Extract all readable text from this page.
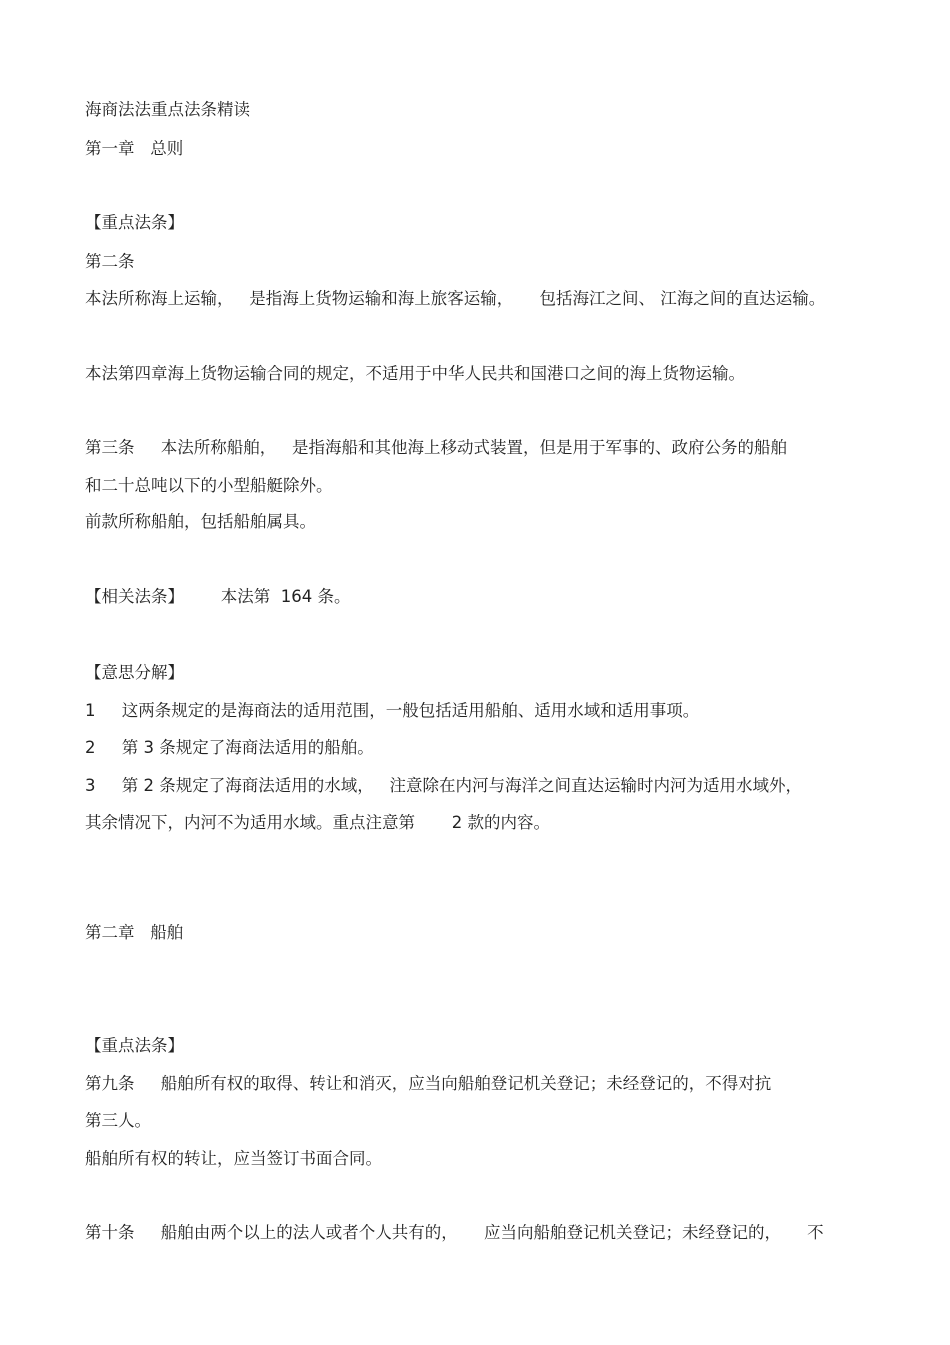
海商法法重点法条精读
第一章   总则
【重点法条】
第二条
本法所称海上运输，   是指海上货物运输和海上旅客运输，     包括海江之间、 江海之间的直达运输。
本法第四章海上货物运输合同的规定，不适用于中华人民共和国港口之间的海上货物运输。
第三条     本法所称船舶，   是指海船和其他海上移动式装置，但是用于军事的、政府公务的船舶
和二十总吨以下的小型船艇除外。
前款所称船舶，包括船舶属具。
【相关法条】       本法第  164 条。
【意思分解】
1     这两条规定的是海商法的适用范围，一般包括适用船舶、适用水域和适用事项。
2     第 3 条规定了海商法适用的船舶。
3     第 2 条规定了海商法适用的水域，   注意除在内河与海洋之间直达运输时内河为适用水域外，
其余情况下，内河不为适用水域。重点注意第       2 款的内容。
第二章   船舶
【重点法条】
第九条     船舶所有权的取得、转让和消灭，应当向船舶登记机关登记；未经登记的，不得对抗
第三人。
船舶所有权的转让，应当签订书面合同。
第十条     船舶由两个以上的法人或者个人共有的，     应当向船舶登记机关登记；未经登记的，     不
